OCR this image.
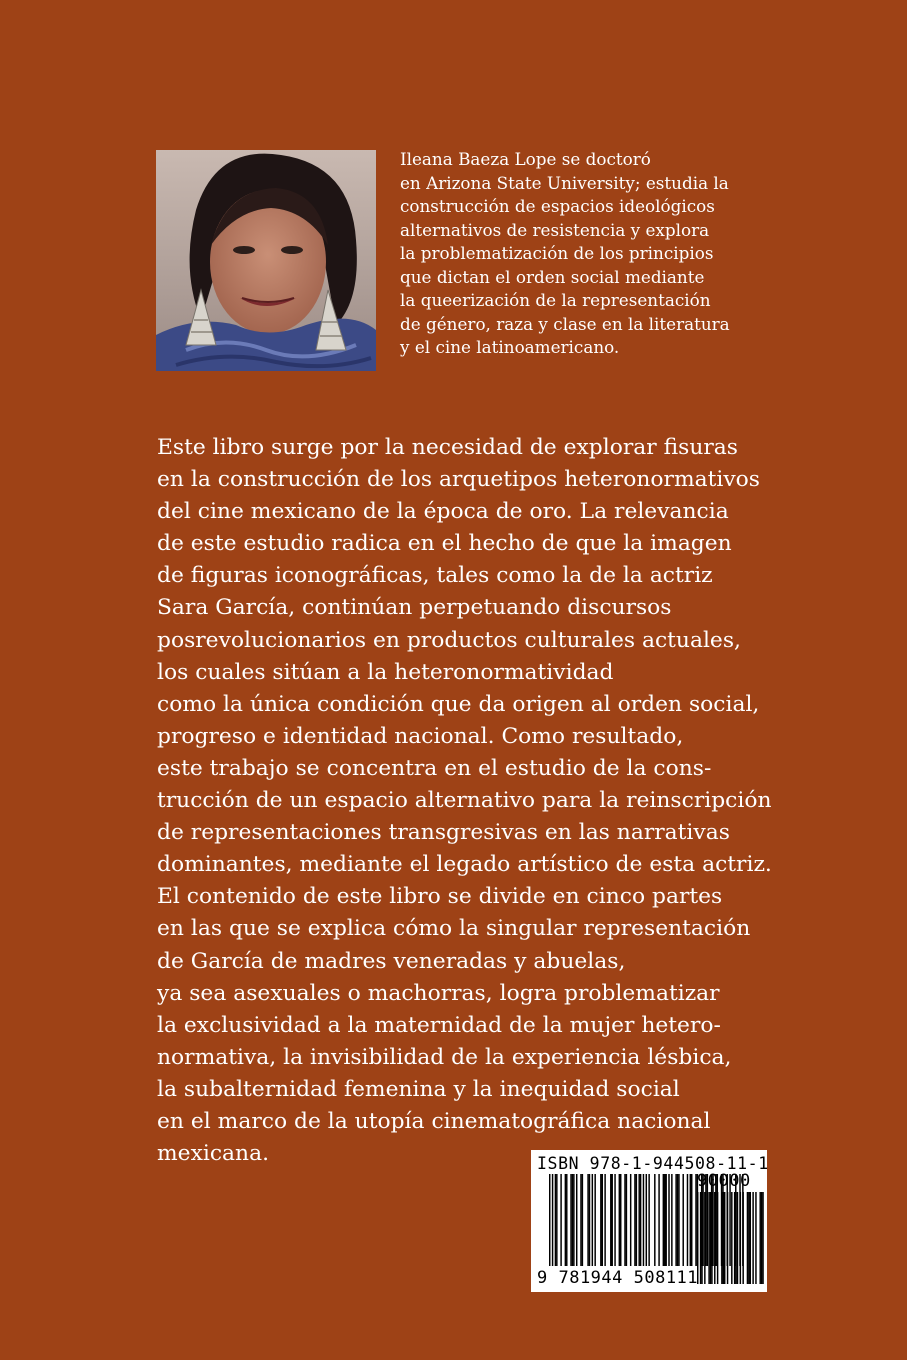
Ileana Baeza Lope se doctoró
en Arizona State University; estudia la
construcción de espacios ideológicos
alternativos de resistencia y explora
la problematización de los principios
que dictan el orden social mediante
la queerización de la representación
de género, raza y clase en la literatura
y el cine latinoamericano.

Este libro surge por la necesidad de explorar fisuras
en la construcción de los arquetipos heteronormativos
del cine mexicano de la época de oro. La relevancia
de este estudio radica en el hecho de que la imagen
de figuras iconográficas, tales como la de la actriz
Sara García, continúan perpetuando discursos
posrevolucionarios en productos culturales actuales,
los cuales sitúan a la heteronormatividad
como la única condición que da origen al orden social,
progreso e identidad nacional. Como resultado,
este trabajo se concentra en el estudio de la cons-
trucción de un espacio alternativo para la reinscripción
de representaciones transgresivas en las narrativas
dominantes, mediante el legado artístico de esta actriz.
El contenido de este libro se divide en cinco partes
en las que se explica cómo la singular representación
de García de madres veneradas y abuelas,
ya sea asexuales o machorras, logra problematizar
la exclusividad a la maternidad de la mujer hetero-
normativa, la invisibilidad de la experiencia lésbica,
la subalternidad femenina y la inequidad social
en el marco de la utopía cinematográfica nacional
mexicana.	ISBN 978-1-944508-11-1
9 781944 508111
90000
